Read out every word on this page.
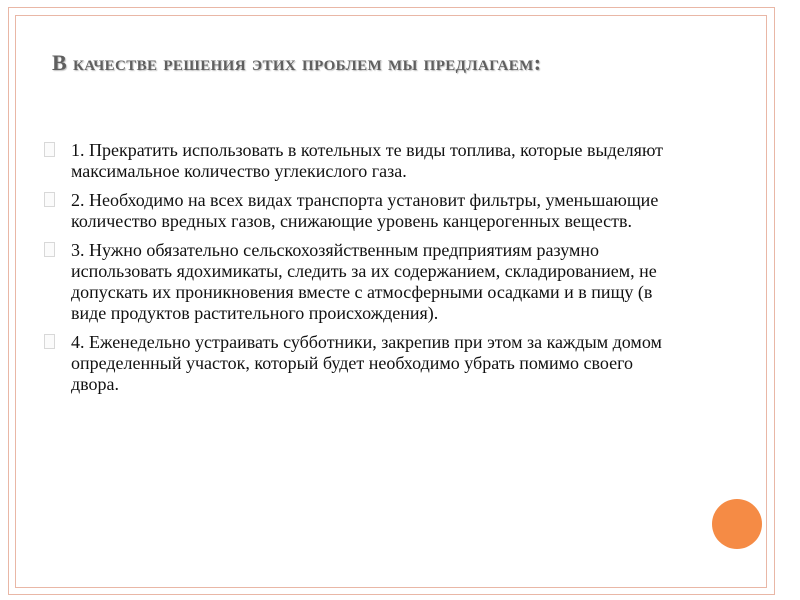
В качестве решения этих проблем мы предлагаем:
1. Прекратить использовать в котельных те виды топлива, которые выделяют максимальное количество углекислого газа.
2. Необходимо на всех видах транспорта установит фильтры, уменьшающие количество вредных газов, снижающие уровень канцерогенных веществ.
3. Нужно обязательно сельскохозяйственным предприятиям разумно использовать ядохимикаты, следить за их содержанием, складированием, не допускать их проникновения вместе с атмосферными осадками и в пищу (в виде продуктов растительного происхождения).
4. Еженедельно устраивать субботники, закрепив при этом за каждым домом определенный участок, который будет необходимо убрать помимо своего двора.
